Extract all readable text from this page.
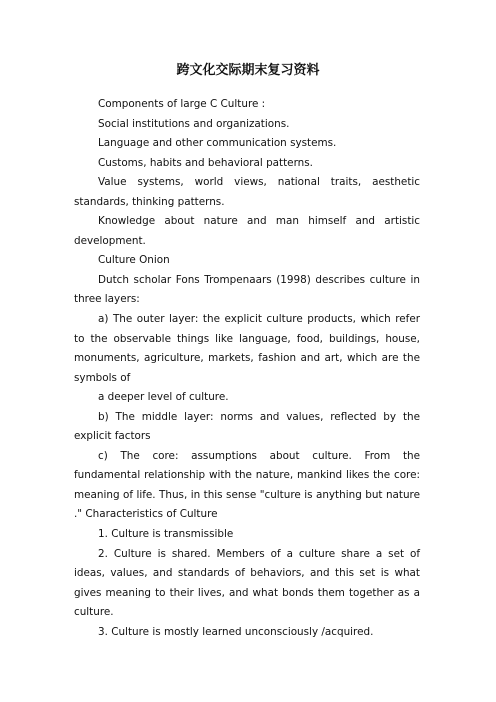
跨文化交际期末复习资料

Components of large C Culture :

Social institutions and organizations.

Language and other communication systems.

Customs, habits and behavioral patterns.

Value systems, world views, national traits, aesthetic standards, thinking patterns.

Knowledge about nature and man himself and artistic development.

Culture Onion

Dutch scholar Fons Trompenaars (1998) describes culture in three layers:

a) The outer layer: the explicit culture products, which refer to the observable things like language, food, buildings, house, monuments, agriculture, markets, fashion and art, which are the symbols of

a deeper level of culture.

b) The middle layer: norms and values, reflected by the explicit factors

c) The core: assumptions about culture. From the fundamental relationship with the nature, mankind likes the core: meaning of life. Thus, in this sense "culture is anything but nature ." Characteristics of Culture

1. Culture is transmissible

2. Culture is shared. Members of a culture share a set of ideas, values, and standards of behaviors, and this set is what gives meaning to their lives, and what bonds them together as a culture.

3. Culture is mostly learned unconsciously /acquired.
